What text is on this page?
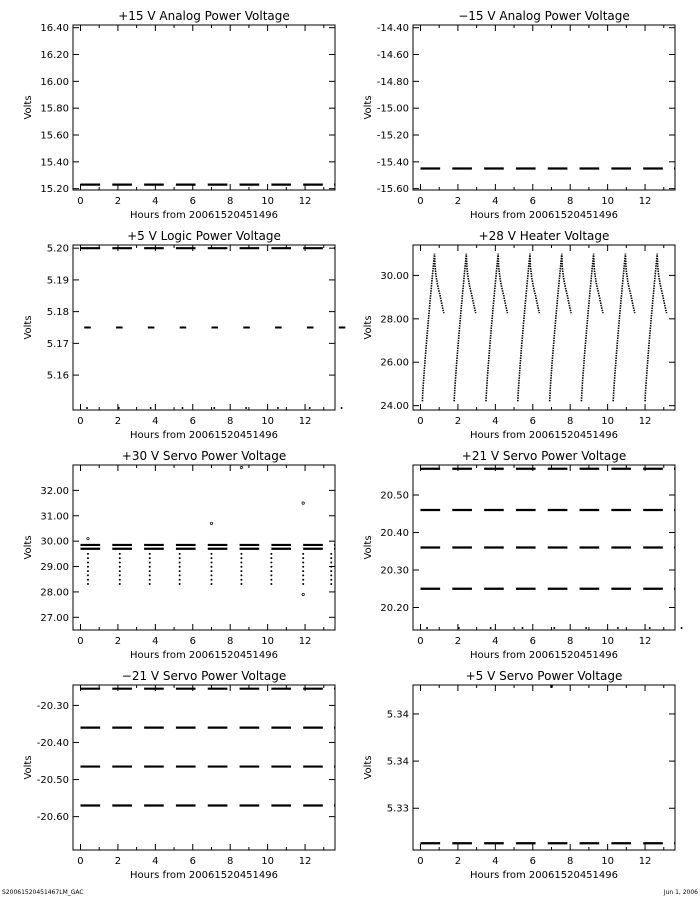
+15 V Analog Power Voltage
Hours from 20061520451496
Volts
0	2	4	6	8	10 12
15.20
15.40
15.60
15.80
16.00
16.20
16.40
−15 V Analog Power Voltage
Hours from 20061520451496
Volts
0	2	4	6	8	10 12
-14.40
-14.60
-14.80
-15.00
-15.20
-15.40
-15.60
+5 V Logic Power Voltage
Hours from 20061520451496
Volts
0	2	4	6	8	10 12
5.16
5.17
5.18
5.19
5.20
+28 V Heater Voltage
Hours from 20061520451496
Volts
0	2	4	6	8	10 12
24.00
26.00
28.00
30.00
+30 V Servo Power Voltage
Hours from 20061520451496
Volts
0	2	4	6	8	10 12
27.00
28.00
29.00
30.00
31.00
32.00
+21 V Servo Power Voltage
Hours from 20061520451496
Volts
0	2	4	6	8	10 12
20.20
20.30
20.40
20.50
−21 V Servo Power Voltage
Hours from 20061520451496
Volts
0	2	4	6	8	10 12
-20.30
-20.40
-20.50
-20.60
+5 V Servo Power Voltage
Hours from 20061520451496
Volts
0	2	4	6	8	10 12
5.33
5.34
5.34
S20061520451467LM_GAC	Jun 1, 2006
